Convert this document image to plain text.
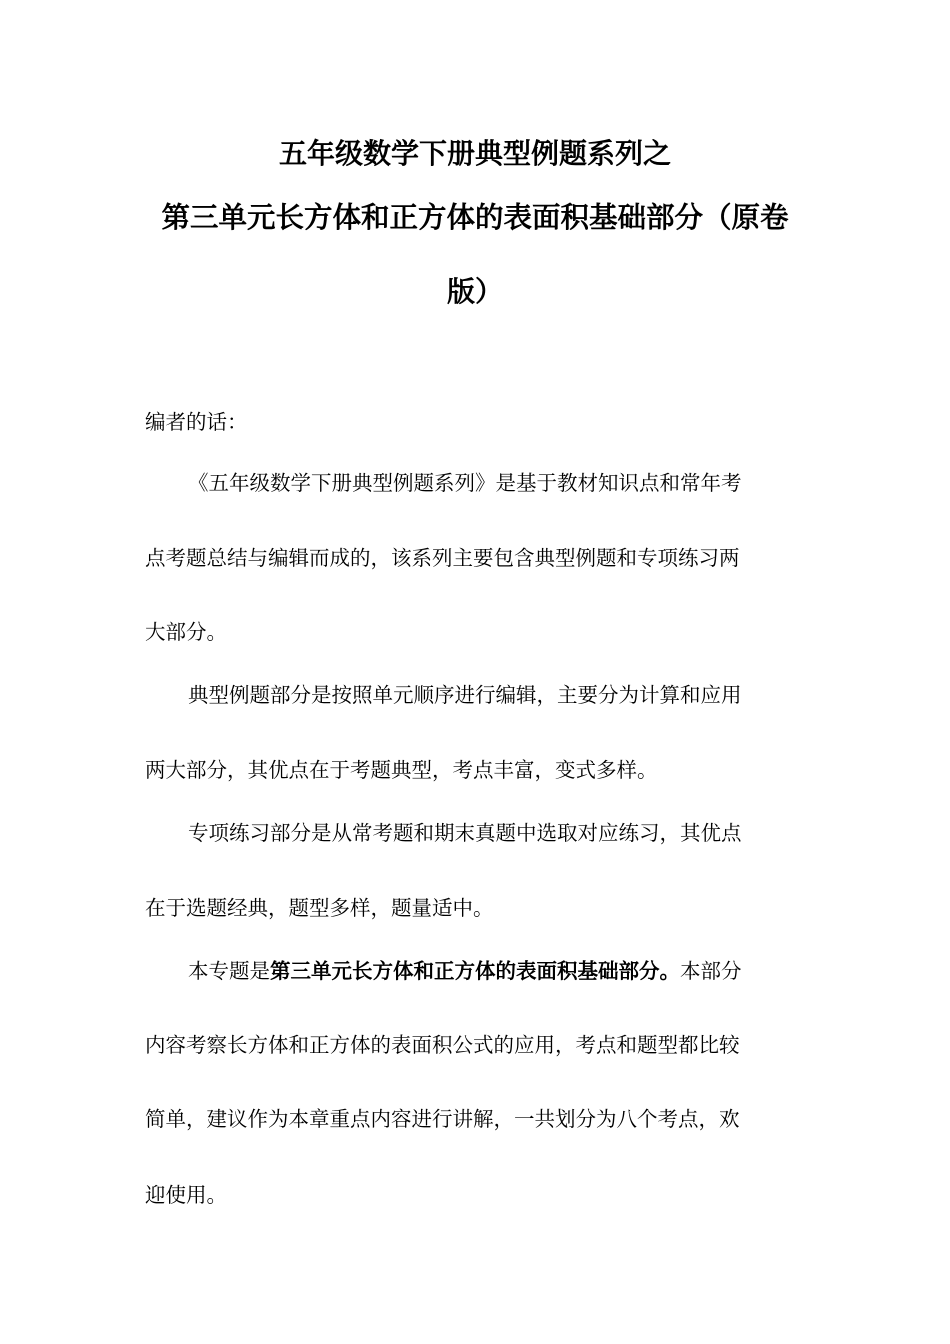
五年级数学下册典型例题系列之
第三单元长方体和正方体的表面积基础部分（原卷
版）
编者的话：
《五年级数学下册典型例题系列》是基于教材知识点和常年考
点考题总结与编辑而成的，该系列主要包含典型例题和专项练习两
大部分。
典型例题部分是按照单元顺序进行编辑，主要分为计算和应用
两大部分，其优点在于考题典型，考点丰富，变式多样。
专项练习部分是从常考题和期末真题中选取对应练习，其优点
在于选题经典，题型多样，题量适中。
本专题是第三单元长方体和正方体的表面积基础部分。本部分
内容考察长方体和正方体的表面积公式的应用，考点和题型都比较
简单，建议作为本章重点内容进行讲解，一共划分为八个考点，欢
迎使用。
